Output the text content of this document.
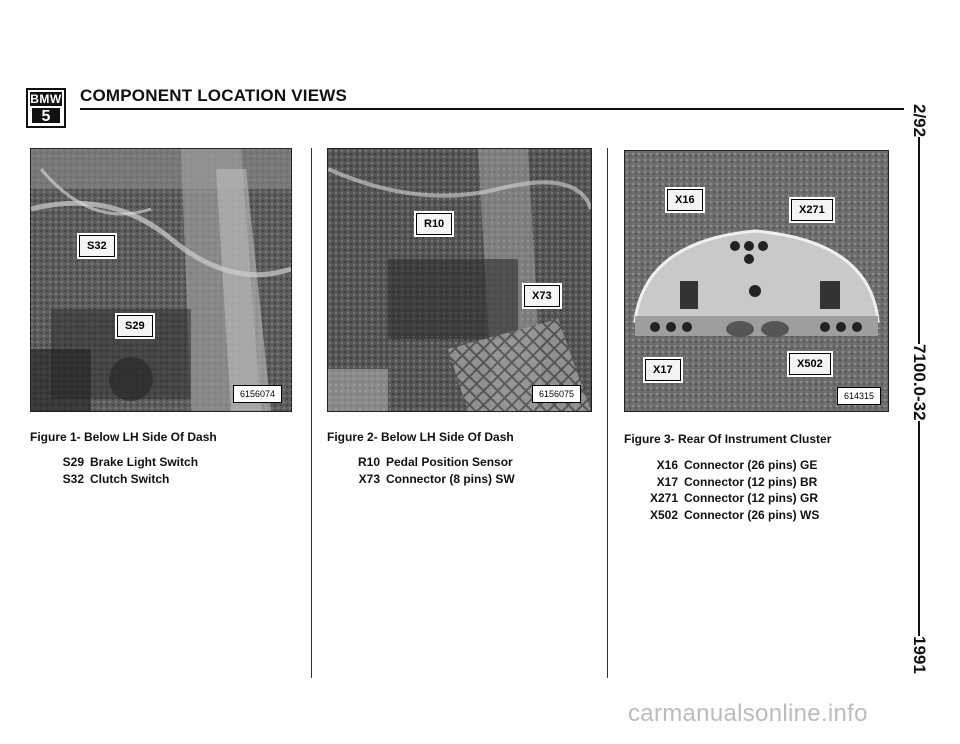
BMW
5
COMPONENT LOCATION VIEWS
2/92
7100.0-32
1991
S32
S29
6156074
R10
X73
6156075
X16
X271
X17	X502
614315
Figure 1- Below LH Side Of Dash	Figure 2- Below LH Side Of Dash	Figure 3- Rear Of Instrument Cluster
S29 Brake Light Switch
S32 Clutch Switch
R10 Pedal Position Sensor
X73 Connector (8 pins) SW
X16 Connector (26 pins) GE
X17 Connector (12 pins) BR
X271 Connector (12 pins) GR
X502 Connector (26 pins) WS
carmanualsonline.info
